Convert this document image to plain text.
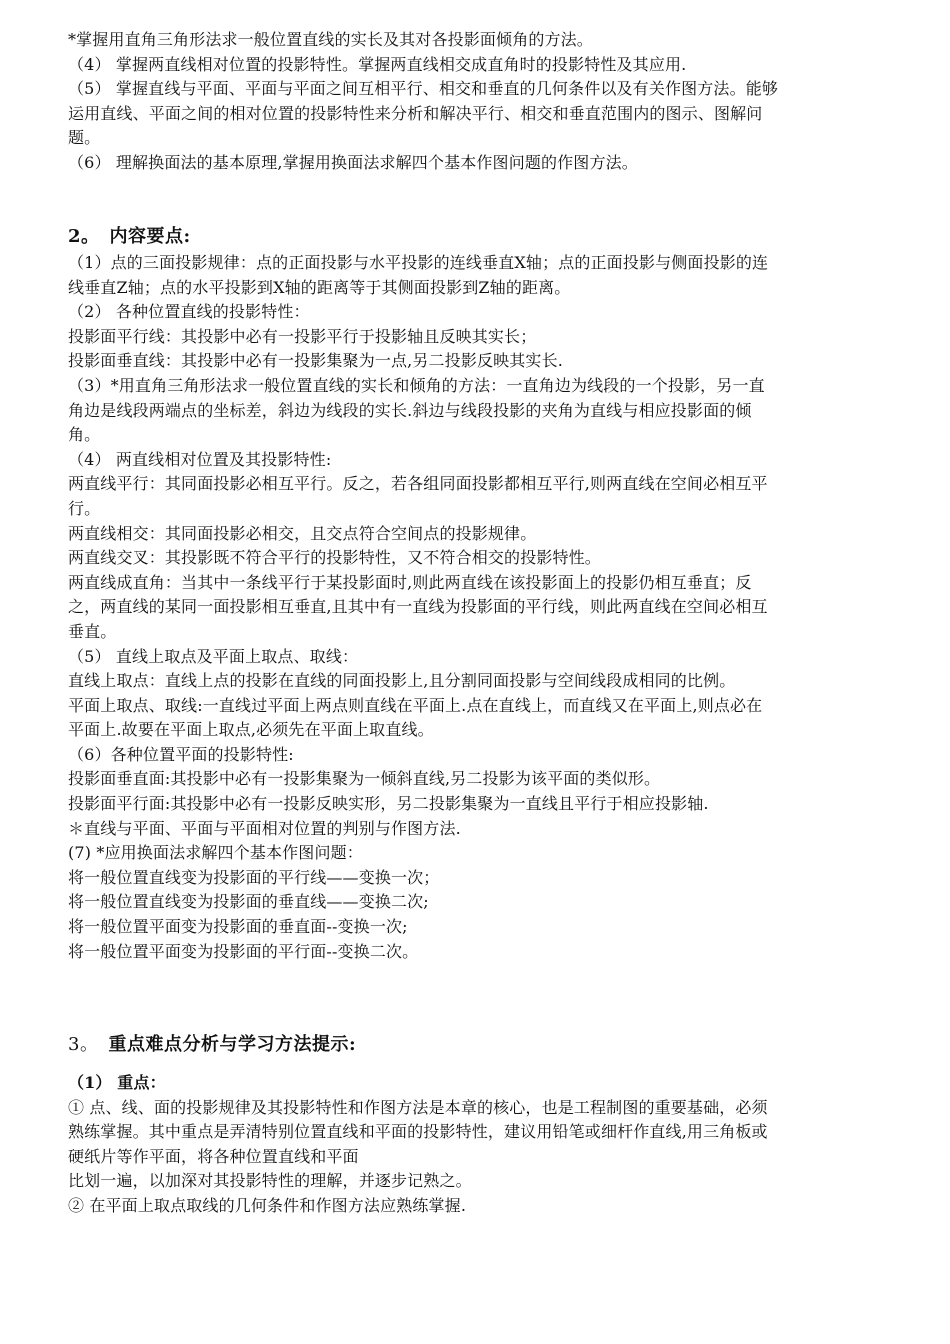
*掌握用直角三角形法求一般位置直线的实长及其对各投影面倾角的方法。
（4） 掌握两直线相对位置的投影特性。掌握两直线相交成直角时的投影特性及其应用.
（5） 掌握直线与平面、平面与平面之间互相平行、相交和垂直的几何条件以及有关作图方法。能够
运用直线、平面之间的相对位置的投影特性来分析和解决平行、相交和垂直范围内的图示、图解问
题。
（6） 理解换面法的基本原理,掌握用换面法求解四个基本作图问题的作图方法。
2。 内容要点:
（1）点的三面投影规律：点的正面投影与水平投影的连线垂直X轴；点的正面投影与侧面投影的连
线垂直Z轴；点的水平投影到X轴的距离等于其侧面投影到Z轴的距离。
（2） 各种位置直线的投影特性：
投影面平行线：其投影中必有一投影平行于投影轴且反映其实长；
投影面垂直线：其投影中必有一投影集聚为一点,另二投影反映其实长.
（3）*用直角三角形法求一般位置直线的实长和倾角的方法：一直角边为线段的一个投影，另一直
角边是线段两端点的坐标差，斜边为线段的实长.斜边与线段投影的夹角为直线与相应投影面的倾
角。
（4） 两直线相对位置及其投影特性:
两直线平行：其同面投影必相互平行。反之，若各组同面投影都相互平行,则两直线在空间必相互平
行。
两直线相交：其同面投影必相交，且交点符合空间点的投影规律。
两直线交叉：其投影既不符合平行的投影特性，又不符合相交的投影特性。
两直线成直角：当其中一条线平行于某投影面时,则此两直线在该投影面上的投影仍相互垂直；反
之，两直线的某同一面投影相互垂直,且其中有一直线为投影面的平行线，则此两直线在空间必相互
垂直。
（5） 直线上取点及平面上取点、取线：
直线上取点：直线上点的投影在直线的同面投影上,且分割同面投影与空间线段成相同的比例。
平面上取点、取线:一直线过平面上两点则直线在平面上.点在直线上，而直线又在平面上,则点必在
平面上.故要在平面上取点,必须先在平面上取直线。
（6）各种位置平面的投影特性:
投影面垂直面:其投影中必有一投影集聚为一倾斜直线,另二投影为该平面的类似形。
投影面平行面:其投影中必有一投影反映实形，另二投影集聚为一直线且平行于相应投影轴.
＊直线与平面、平面与平面相对位置的判别与作图方法.
(7) *应用换面法求解四个基本作图问题：
将一般位置直线变为投影面的平行线——变换一次；
将一般位置直线变为投影面的垂直线——变换二次;
将一般位置平面变为投影面的垂直面--变换一次;
将一般位置平面变为投影面的平行面--变换二次。
3。 重点难点分析与学习方法提示:
（1） 重点：
① 点、线、面的投影规律及其投影特性和作图方法是本章的核心，也是工程制图的重要基础，必须
熟练掌握。其中重点是弄清特别位置直线和平面的投影特性，建议用铅笔或细杆作直线,用三角板或
硬纸片等作平面，将各种位置直线和平面
比划一遍，以加深对其投影特性的理解，并逐步记熟之。
② 在平面上取点取线的几何条件和作图方法应熟练掌握.
